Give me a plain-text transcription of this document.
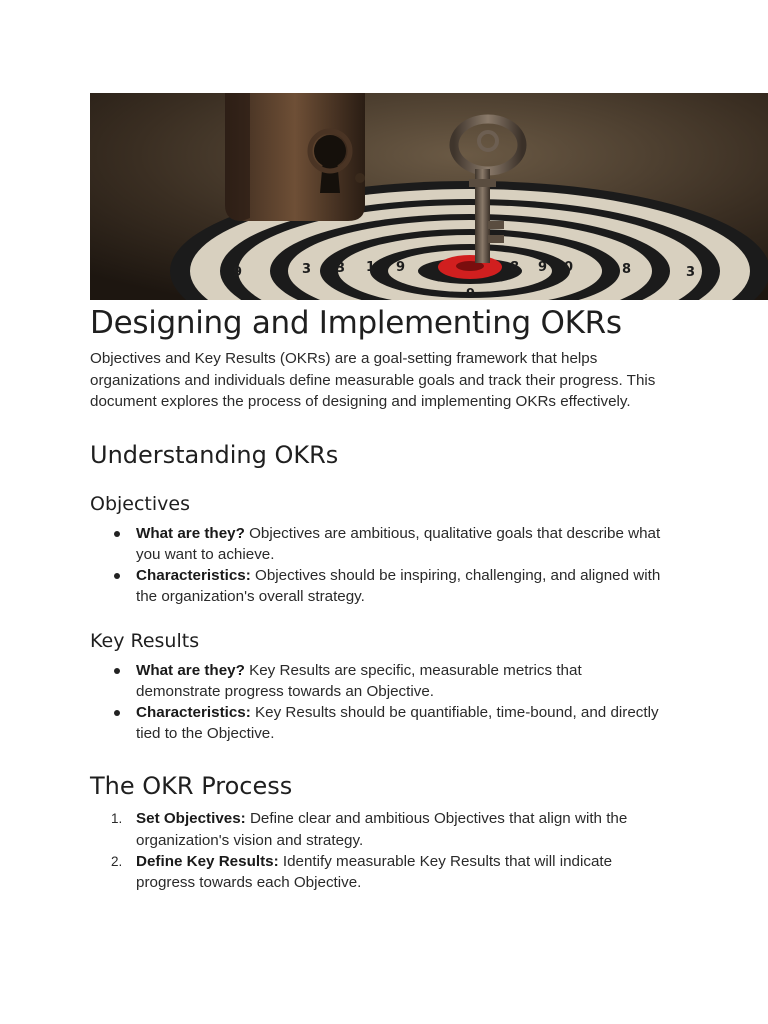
9	3 3 1 9
9
8 9 0	8	3
Designing and Implementing OKRs

Objectives and Key Results (OKRs) are a goal-setting framework that helps organizations and individuals define measurable goals and track their progress. This document explores the process of designing and implementing OKRs effectively.

Understanding OKRs
Objectives
What are they? Objectives are ambitious, qualitative goals that describe what you want to achieve.
Characteristics: Objectives should be inspiring, challenging, and aligned with the organization's overall strategy.
Key Results
What are they? Key Results are specific, measurable metrics that demonstrate progress towards an Objective.
Characteristics: Key Results should be quantifiable, time-bound, and directly tied to the Objective.
The OKR Process
1. Set Objectives: Define clear and ambitious Objectives that align with the organization's vision and strategy.
2. Define Key Results: Identify measurable Key Results that will indicate progress towards each Objective.
